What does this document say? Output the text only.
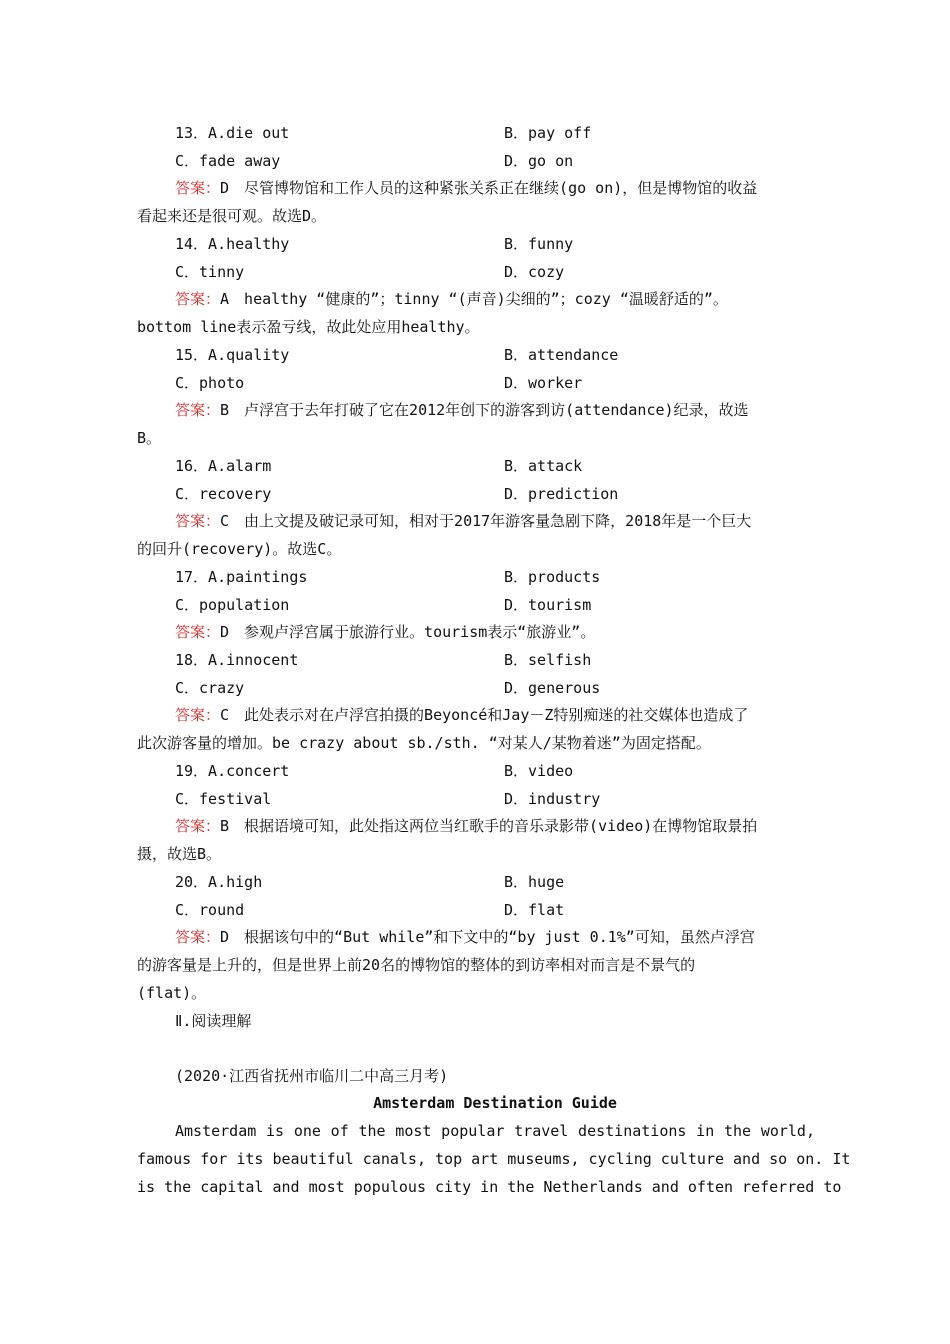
13．A.die out	B．pay off
C．fade away	D．go on
答案：D　尽管博物馆和工作人员的这种紧张关系正在继续(go on)，但是博物馆的收益
看起来还是很可观。故选D。
14．A.healthy	B．funny
C．tinny	D．cozy
答案：A　healthy “健康的”；tinny “(声音)尖细的”；cozy “温暖舒适的”。
bottom line表示盈亏线，故此处应用healthy。
15．A.quality	B．attendance
C．photo	D．worker
答案：B　卢浮宫于去年打破了它在2012年创下的游客到访(attendance)纪录，故选
B。
16．A.alarm	B．attack
C．recovery	D．prediction
答案：C　由上文提及破记录可知，相对于2017年游客量急剧下降，2018年是一个巨大
的回升(recovery)。故选C。
17．A.paintings	B．products
C．population	D．tourism
答案：D　参观卢浮宫属于旅游行业。tourism表示“旅游业”。
18．A.innocent	B．selfish
C．crazy	D．generous
答案：C　此处表示对在卢浮宫拍摄的Beyoncé和Jay－Z特别痴迷的社交媒体也造成了
此次游客量的增加。be crazy about sb./sth. “对某人/某物着迷”为固定搭配。
19．A.concert	B．video
C．festival	D．industry
答案：B　根据语境可知，此处指这两位当红歌手的音乐录影带(video)在博物馆取景拍
摄，故选B。
20．A.high	B．huge
C．round	D．flat
答案：D　根据该句中的“But while”和下文中的“by just 0.1%”可知，虽然卢浮宫
的游客量是上升的，但是世界上前20名的博物馆的整体的到访率相对而言是不景气的
(flat)。
Ⅱ.阅读理解
(2020·江西省抚州市临川二中高三月考)
Amsterdam Destination Guide
Amsterdam is one of the most popular travel destinations in the world,
famous for its beautiful canals, top art museums, cycling culture and so on. It
is the capital and most populous city in the Netherlands and often referred to
